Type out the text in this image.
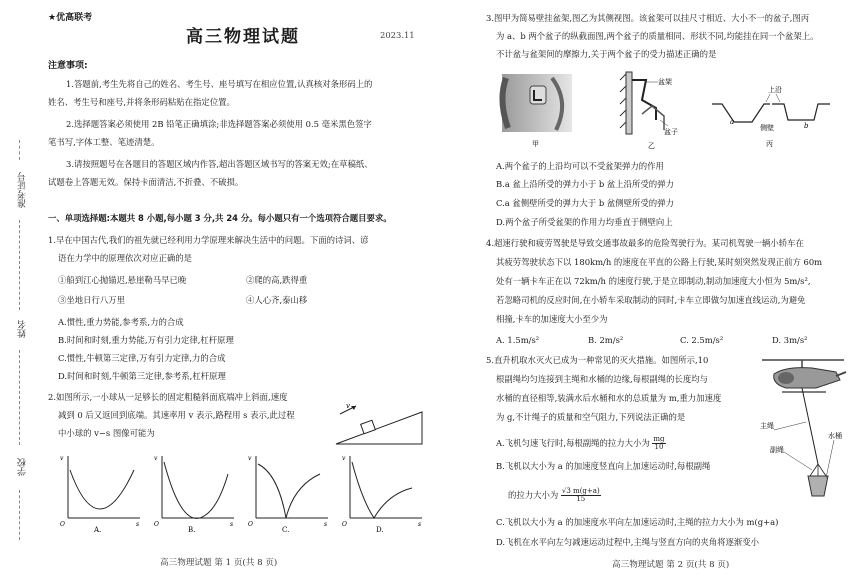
准考证号
姓名
学校
★优高联考
高三物理试题	2023.11
注意事项:
1.答题前,考生先将自己的姓名、考生号、座号填写在相应位置,认真核对条形码上的
姓名、考生号和座号,并将条形码粘贴在指定位置。
2.选择题答案必须使用 2B 铅笔正确填涂;非选择题答案必须使用 0.5 毫米黑色签字
笔书写,字体工整、笔迹清楚。
3.请按照题号在各题目的答题区域内作答,超出答题区域书写的答案无效;在草稿纸、
试题卷上答题无效。保持卡面清洁,不折叠、不破损。
一、单项选择题:本题共 8 小题,每小题 3 分,共 24 分。每小题只有一个选项符合题目要求。
1.早在中国古代,我们的祖先就已经利用力学原理来解决生活中的问题。下面的诗词、谚
语在力学中的原理依次对应正确的是
①船到江心抛锚迟,悬崖勒马早已晚	②爬的高,跌得重
③坐地日行八万里	④人心齐,泰山移
A.惯性,重力势能,参考系,力的合成
B.时间和时刻,重力势能,万有引力定律,杠杆原理
C.惯性,牛顿第三定律,万有引力定律,力的合成
D.时间和时刻,牛顿第三定律,参考系,杠杆原理
2.如图所示,一小球从一足够长的固定粗糙斜面底端冲上斜面,速度
减到 0 后又返回到底端。其速率用 v 表示,路程用 s 表示,此过程
中小球的 v−s 图像可能为
v
v
s
O
A.
v
s
O
B.
v
s
O
C.
v
s
O
D.
高三物理试题 第 1 页(共 8 页)
3.图甲为简易壁挂盆架,图乙为其侧视图。该盆架可以挂尺寸相近、大小不一的盆子,图丙
为 a、b 两个盆子的纵截面图,两个盆子的质量相同、形状不同,均能挂在同一个盆架上。
不计盆与盆架间的摩擦力,关于两个盆子的受力描述正确的是
甲
盆架
盆子
乙
上沿
a	b
侧壁
丙
A.两个盆子的上沿均可以不受盆架弹力的作用
B.a 盆上沿所受的弹力小于 b 盆上沿所受的弹力
C.a 盆侧壁所受的弹力大于 b 盆侧壁所受的弹力
D.两个盆子所受盆架的作用力均垂直于侧壁向上
4.超速行驶和疲劳驾驶是导致交通事故最多的危险驾驶行为。某司机驾驶一辆小轿车在
其疲劳驾驶状态下以 180km/h 的速度在平直的公路上行驶,某时刻突然发现正前方 60m
处有一辆卡车正在以 72km/h 的速度行驶,于是立即制动,制动加速度大小恒为 5m/s²,
若忽略司机的反应时间,在小轿车采取制动的同时,卡车立即做匀加速直线运动,为避免
相撞,卡车的加速度大小至少为
A. 1.5m/s²	B. 2m/s²	C. 2.5m/s²	D. 3m/s²
5.直升机取水灭火已成为一种常见的灭火措施。如图所示,10
根副绳均匀连接到主绳和水桶的边缘,每根副绳的长度均与
水桶的直径相等,装满水后水桶和水的总质量为 m,重力加速度
为 g,不计绳子的质量和空气阻力,下列说法正确的是
主绳
水桶
副绳
A.飞机匀速飞行时,每根副绳的拉力大小为 $\frac{mg}{10}$
B.飞机以大小为 a 的加速度竖直向上加速运动时,每根副绳
的拉力大小为 $\frac{√3 m(g+a)}{15}$
C.飞机以大小为 a 的加速度水平向左加速运动时,主绳的拉力大小为 m(g+a)
D.飞机在水平向左匀减速运动过程中,主绳与竖直方向的夹角将逐渐变小
高三物理试题 第 2 页(共 8 页)
